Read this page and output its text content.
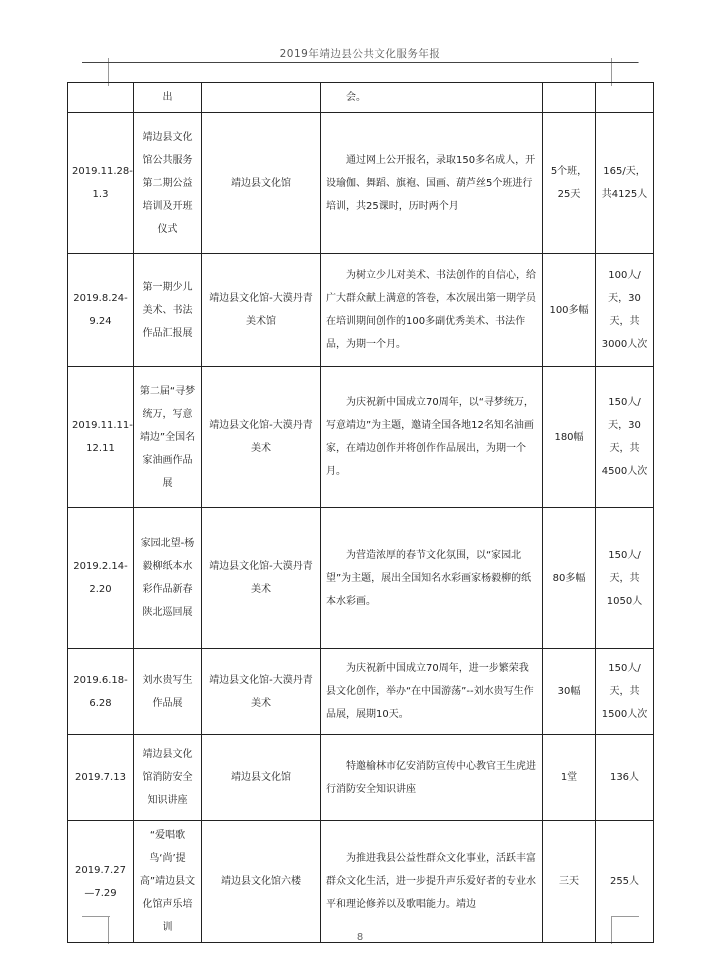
2019年靖边县公共文化服务年报
	出		会。		
2019.11.28-1.3	靖边县文化馆公共服务第二期公益培训及开班仪式	靖边县文化馆	通过网上公开报名，录取150多名成人，开设瑜伽、舞蹈、旗袍、国画、葫芦丝5个班进行培训，共25课时，历时两个月	5个班，25天	165/天，共4125人
2019.8.24-9.24	第一期少儿美术、书法作品汇报展	靖边县文化馆-大漠丹青美术馆	为树立少儿对美术、书法创作的自信心，给广大群众献上满意的答卷，本次展出第一期学员在培训期间创作的100多副优秀美术、书法作品，为期一个月。	100多幅	100人/天，30天，共3000人次
2019.11.11-12.11	第二届“寻梦统万，写意靖边”全国名家油画作品展	靖边县文化馆-大漠丹青美术	为庆祝新中国成立70周年，以“寻梦统万，写意靖边”为主题，邀请全国各地12名知名油画家，在靖边创作并将创作作品展出，为期一个月。	180幅	150人/天，30天，共4500人次
2019.2.14-2.20	家园北望-杨毅柳纸本水彩作品新春陕北巡回展	靖边县文化馆-大漠丹青美术	为营造浓厚的春节文化氛围，以“家园北望”为主题，展出全国知名水彩画家杨毅柳的纸本水彩画。	80多幅	150人/天，共1050人
2019.6.18-6.28	刘水贵写生作品展	靖边县文化馆-大漠丹青美术	为庆祝新中国成立70周年，进一步繁荣我县文化创作，举办“在中国游荡”--刘水贵写生作品展，展期10天。	30幅	150人/天，共1500人次
2019.7.13	靖边县文化馆消防安全知识讲座	靖边县文化馆	特邀榆林市亿安消防宣传中心教官王生虎进行消防安全知识讲座	1堂	136人
2019.7.27—7.29	“爱唱歌鸟‘尚’提高”靖边县文化馆声乐培训	靖边县文化馆六楼	为推进我县公益性群众文化事业，活跃丰富群众文化生活，进一步提升声乐爱好者的专业水平和理论修养以及歌唱能力。靖边	三天	255人
8
